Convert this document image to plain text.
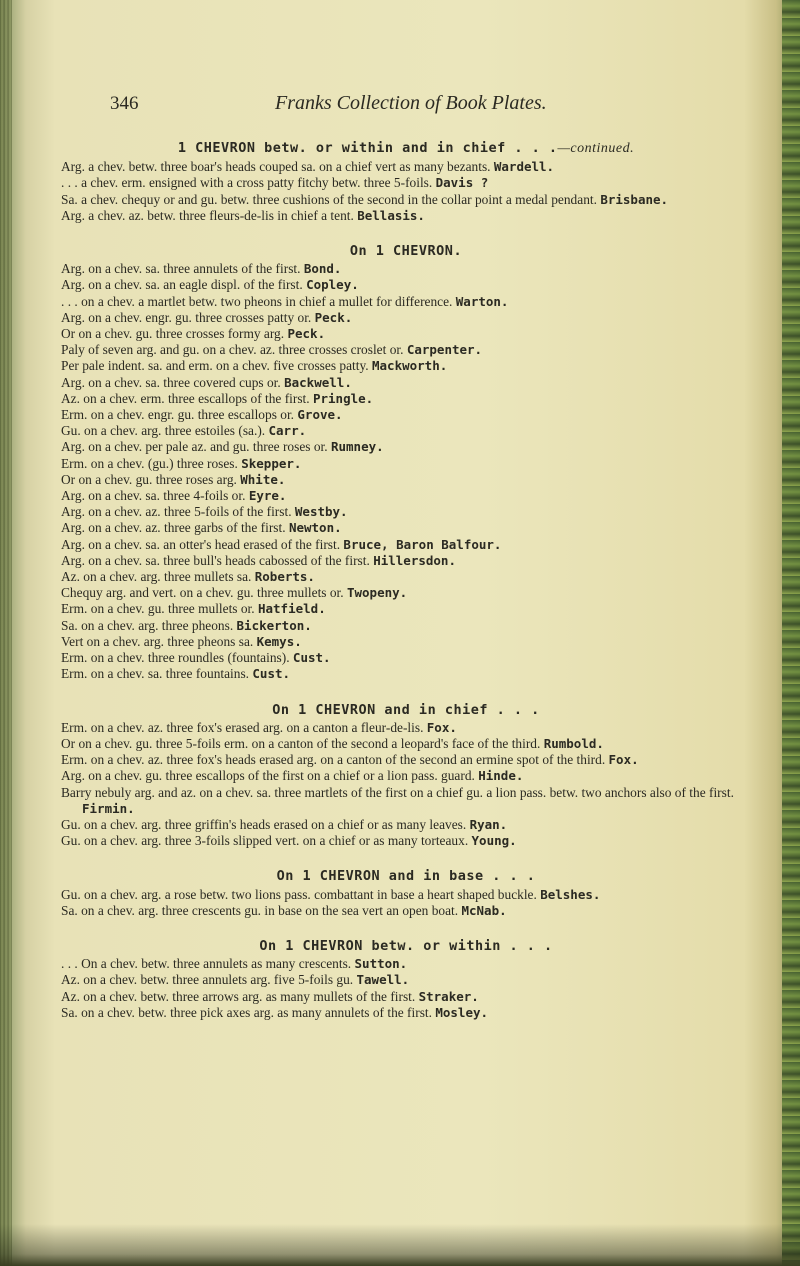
346	Franks Collection of Book Plates.
1 CHEVRON betw. or within and in chief . . .—continued.

Arg. a chev. betw. three boar's heads couped sa. on a chief vert as many bezants. Wardell.

. . . a chev. erm. ensigned with a cross patty fitchy betw. three 5-foils. Davis ?

Sa. a chev. chequy or and gu. betw. three cushions of the second in the collar point a medal pendant. Brisbane.

Arg. a chev. az. betw. three fleurs-de-lis in chief a tent. Bellasis.

On 1 CHEVRON.

Arg. on a chev. sa. three annulets of the first. Bond.

Arg. on a chev. sa. an eagle displ. of the first. Copley.

. . . on a chev. a martlet betw. two pheons in chief a mullet for difference. Warton.

Arg. on a chev. engr. gu. three crosses patty or. Peck.

Or on a chev. gu. three crosses formy arg. Peck.

Paly of seven arg. and gu. on a chev. az. three crosses croslet or. Carpenter.

Per pale indent. sa. and erm. on a chev. five crosses patty. Mackworth.

Arg. on a chev. sa. three covered cups or. Backwell.

Az. on a chev. erm. three escallops of the first. Pringle.

Erm. on a chev. engr. gu. three escallops or. Grove.

Gu. on a chev. arg. three estoiles (sa.). Carr.

Arg. on a chev. per pale az. and gu. three roses or. Rumney.

Erm. on a chev. (gu.) three roses. Skepper.

Or on a chev. gu. three roses arg. White.

Arg. on a chev. sa. three 4-foils or. Eyre.

Arg. on a chev. az. three 5-foils of the first. Westby.

Arg. on a chev. az. three garbs of the first. Newton.

Arg. on a chev. sa. an otter's head erased of the first. Bruce, Baron Balfour.

Arg. on a chev. sa. three bull's heads cabossed of the first. Hillersdon.

Az. on a chev. arg. three mullets sa. Roberts.

Chequy arg. and vert. on a chev. gu. three mullets or. Twopeny.

Erm. on a chev. gu. three mullets or. Hatfield.

Sa. on a chev. arg. three pheons. Bickerton.

Vert on a chev. arg. three pheons sa. Kemys.

Erm. on a chev. three roundles (fountains). Cust.

Erm. on a chev. sa. three fountains. Cust.

On 1 CHEVRON and in chief . . .

Erm. on a chev. az. three fox's erased arg. on a canton a fleur-de-lis. Fox.

Or on a chev. gu. three 5-foils erm. on a canton of the second a leopard's face of the third. Rumbold.

Erm. on a chev. az. three fox's heads erased arg. on a canton of the second an ermine spot of the third. Fox.

Arg. on a chev. gu. three escallops of the first on a chief or a lion pass. guard. Hinde.

Barry nebuly arg. and az. on a chev. sa. three martlets of the first on a chief gu. a lion pass. betw. two anchors also of the first. Firmin.

Gu. on a chev. arg. three griffin's heads erased on a chief or as many leaves. Ryan.

Gu. on a chev. arg. three 3-foils slipped vert. on a chief or as many torteaux. Young.

On 1 CHEVRON and in base . . .

Gu. on a chev. arg. a rose betw. two lions pass. combattant in base a heart shaped buckle. Belshes.

Sa. on a chev. arg. three crescents gu. in base on the sea vert an open boat. McNab.

On 1 CHEVRON betw. or within . . .

. . . On a chev. betw. three annulets as many crescents. Sutton.

Az. on a chev. betw. three annulets arg. five 5-foils gu. Tawell.

Az. on a chev. betw. three arrows arg. as many mullets of the first. Straker.

Sa. on a chev. betw. three pick axes arg. as many annulets of the first. Mosley.
